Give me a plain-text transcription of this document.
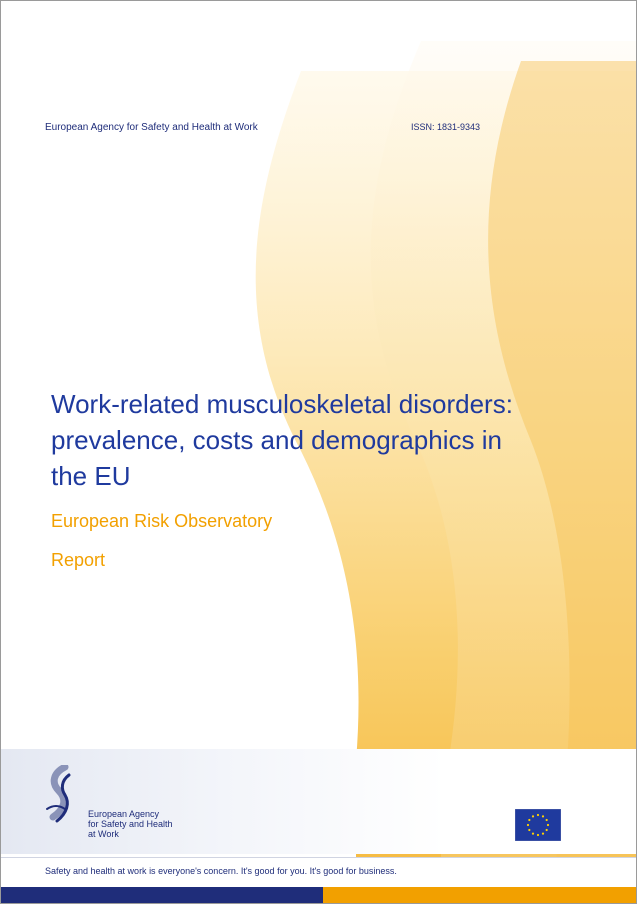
European Agency for Safety and Health at Work	ISSN: 1831-9343
Work-related musculoskeletal disorders: prevalence, costs and demographics in the EU
European Risk Observatory
Report
European Agency
for Safety and Health
at Work
Safety and health at work is everyone's concern. It's good for you. It's good for business.
